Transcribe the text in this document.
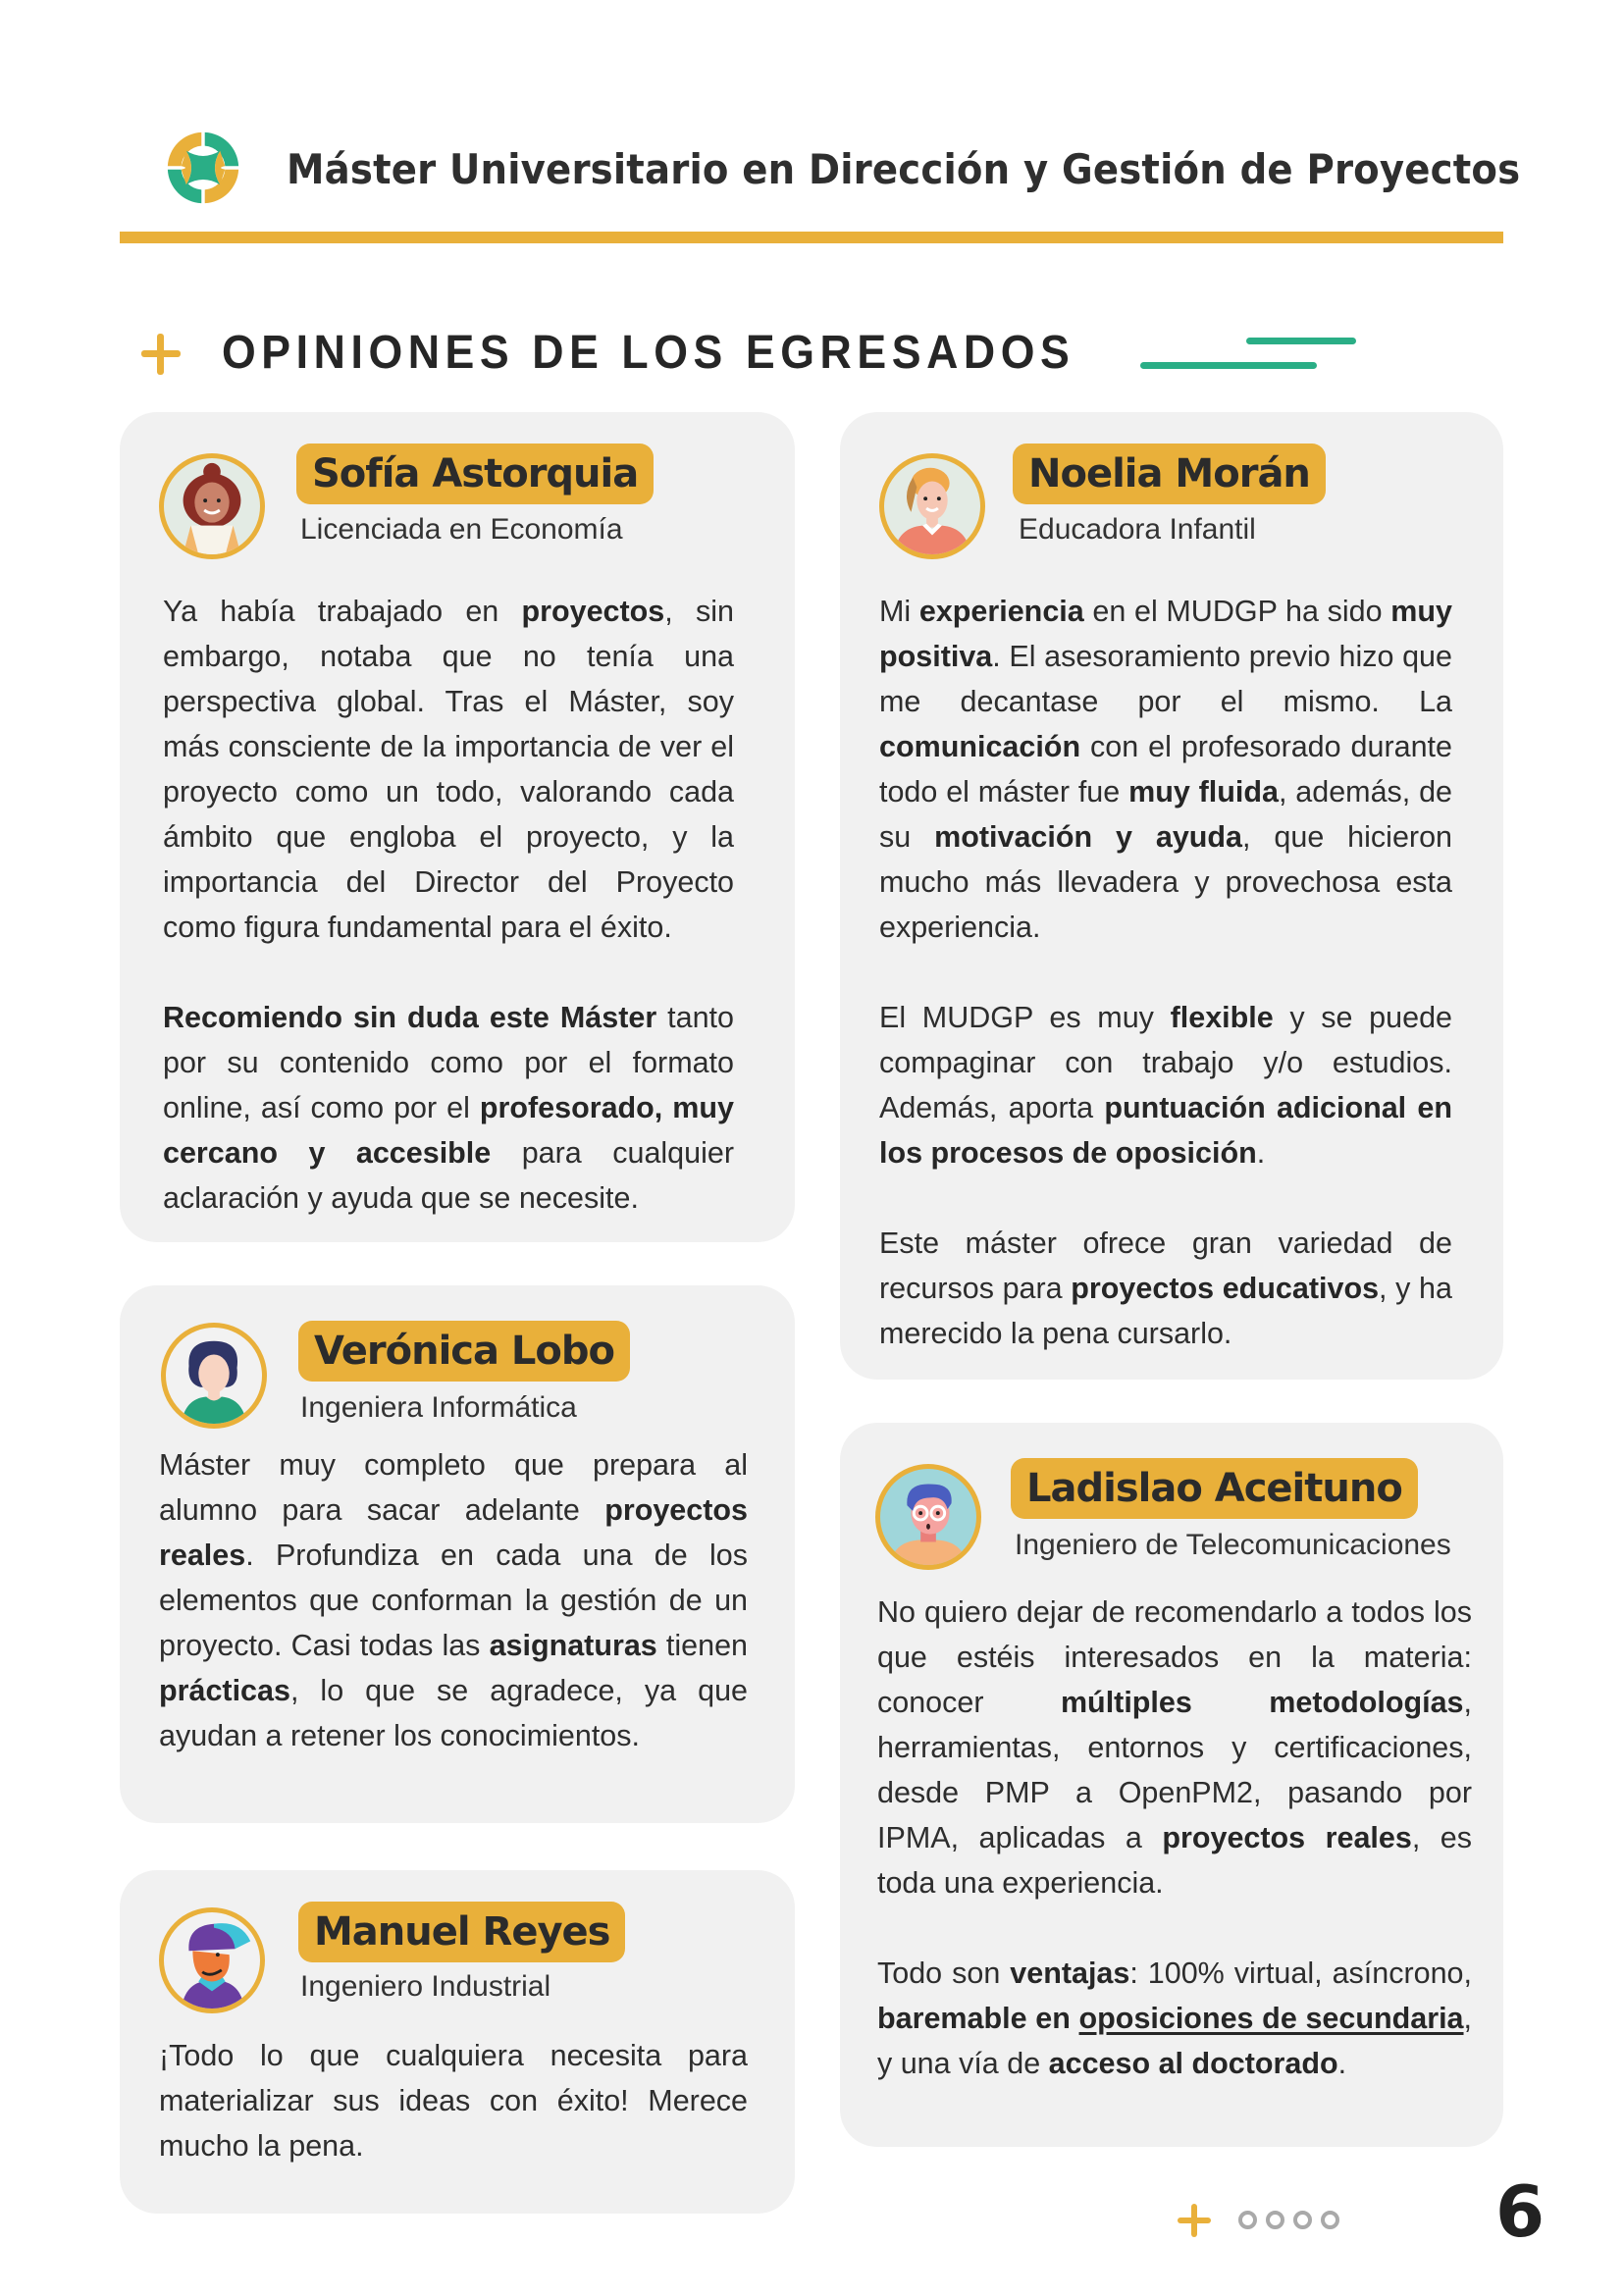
Máster Universitario en Dirección y Gestión de Proyectos
OPINIONES DE LOS EGRESADOS
Sofía Astorquia
Licenciada en Economía
Ya había trabajado en proyectos, sin embargo, notaba que no tenía una perspectiva global. Tras el Máster, soy más consciente de la importancia de ver el proyecto como un todo, valorando cada ámbito que engloba el proyecto, y la importancia del Director del Proyecto como figura fundamental para el éxito.
Recomiendo sin duda este Máster tanto por su contenido como por el formato online, así como por el profesorado, muy cercano y accesible para cualquier aclaración y ayuda que se necesite.
Noelia Morán
Educadora Infantil
Mi experiencia en el MUDGP ha sido muy positiva. El asesoramiento previo hizo que me decantase por el mismo. La comunicación con el profesorado durante todo el máster fue muy fluida, además, de su motivación y ayuda, que hicieron mucho más llevadera y provechosa esta experiencia.
El MUDGP es muy flexible y se puede compaginar con trabajo y/o estudios. Además, aporta puntuación adicional en los procesos de oposición.
Este máster ofrece gran variedad de recursos para proyectos educativos, y ha merecido la pena cursarlo.
Verónica Lobo
Ingeniera Informática
Máster muy completo que prepara al alumno para sacar adelante proyectos reales. Profundiza en cada una de los elementos que conforman la gestión de un proyecto. Casi todas las asignaturas tienen prácticas, lo que se agradece, ya que ayudan a retener los conocimientos.
Ladislao Aceituno
Ingeniero de Telecomunicaciones
No quiero dejar de recomendarlo a todos los que estéis interesados en la materia: conocer múltiples metodologías, herramientas, entornos y certificaciones, desde PMP a OpenPM2, pasando por IPMA, aplicadas a proyectos reales, es toda una experiencia.
Todo son ventajas: 100% virtual, asíncrono, baremable en oposiciones de secundaria, y una vía de acceso al doctorado.
Manuel Reyes
Ingeniero Industrial
¡Todo lo que cualquiera necesita para materializar sus ideas con éxito! Merece mucho la pena.
6
